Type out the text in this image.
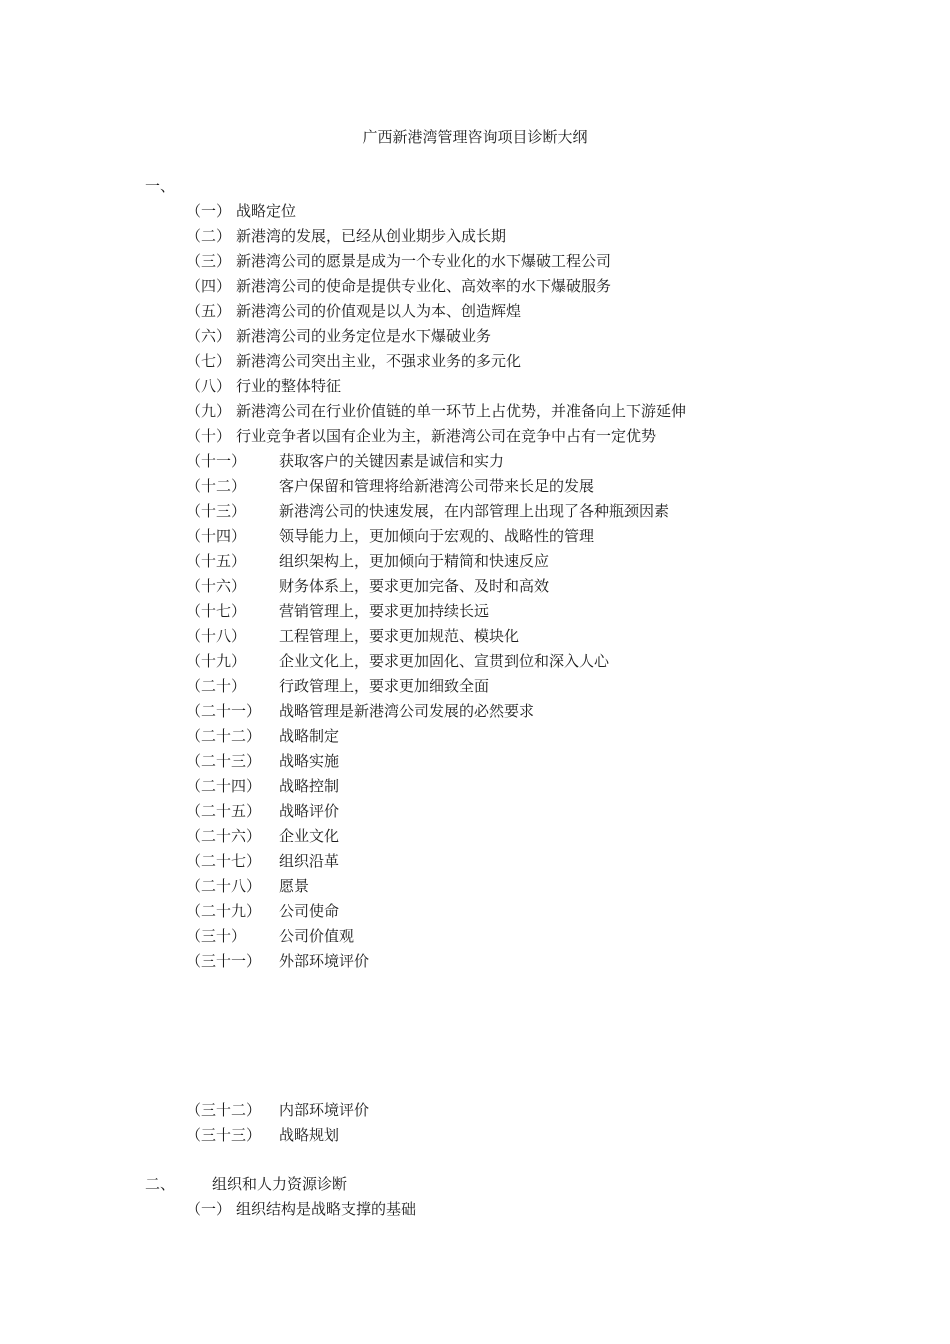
广西新港湾管理咨询项目诊断大纲
一、
（一） 战略定位
（二） 新港湾的发展，已经从创业期步入成长期
（三） 新港湾公司的愿景是成为一个专业化的水下爆破工程公司
（四） 新港湾公司的使命是提供专业化、高效率的水下爆破服务
（五） 新港湾公司的价值观是以人为本、创造辉煌
（六） 新港湾公司的业务定位是水下爆破业务
（七） 新港湾公司突出主业，不强求业务的多元化
（八） 行业的整体特征
（九） 新港湾公司在行业价值链的单一环节上占优势，并准备向上下游延伸
（十） 行业竞争者以国有企业为主，新港湾公司在竞争中占有一定优势
（十一） 获取客户的关键因素是诚信和实力
（十二） 客户保留和管理将给新港湾公司带来长足的发展
（十三） 新港湾公司的快速发展，在内部管理上出现了各种瓶颈因素
（十四） 领导能力上，更加倾向于宏观的、战略性的管理
（十五） 组织架构上，更加倾向于精简和快速反应
（十六） 财务体系上，要求更加完备、及时和高效
（十七） 营销管理上，要求更加持续长远
（十八） 工程管理上，要求更加规范、模块化
（十九） 企业文化上，要求更加固化、宣贯到位和深入人心
（二十） 行政管理上，要求更加细致全面
（二十一） 战略管理是新港湾公司发展的必然要求
（二十二） 战略制定
（二十三） 战略实施
（二十四） 战略控制
（二十五） 战略评价
（二十六） 企业文化
（二十七） 组织沿革
（二十八） 愿景
（二十九） 公司使命
（三十） 公司价值观
（三十一） 外部环境评价
（三十二） 内部环境评价
（三十三） 战略规划
二、 组织和人力资源诊断
（一） 组织结构是战略支撑的基础
